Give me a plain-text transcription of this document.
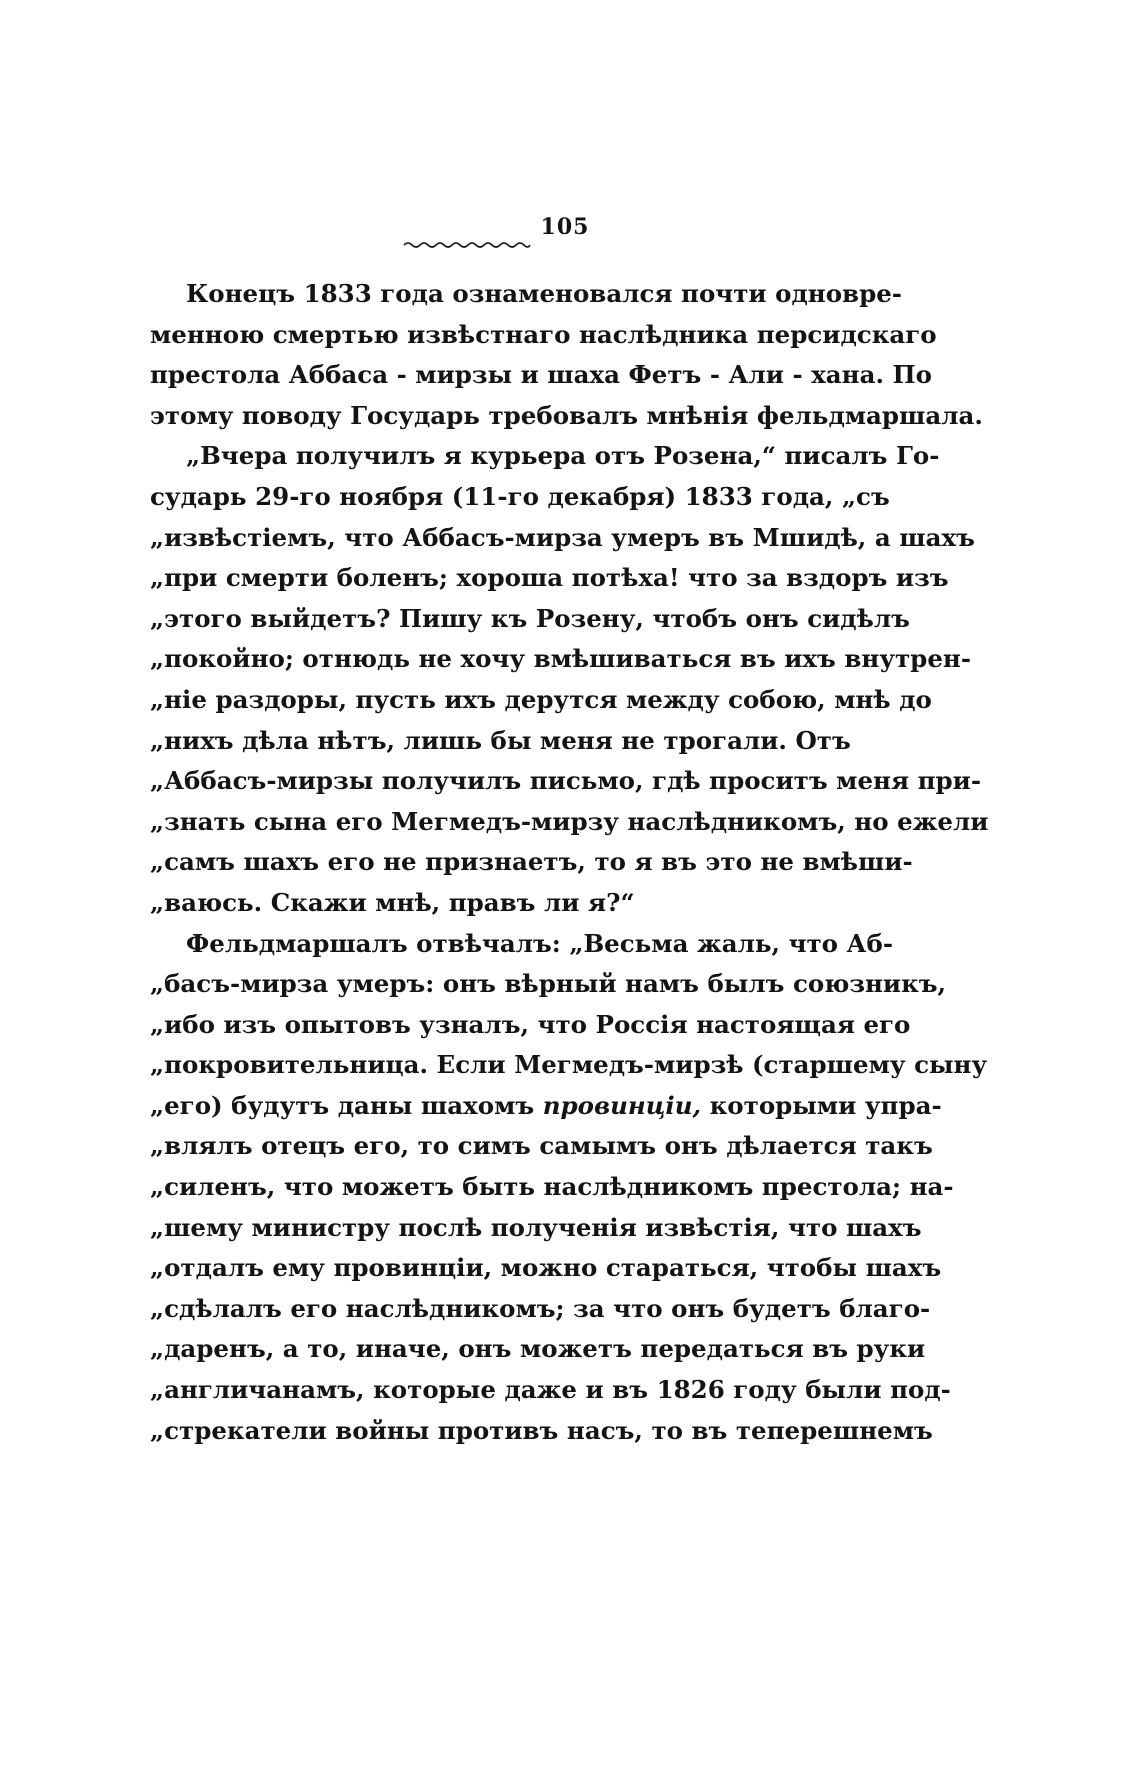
105
Конецъ 1833 года ознаменовался почти одновре-
менною смертью извѣстнаго наслѣдника персидскаго
престола Аббаса - мирзы и шаха Фетъ - Али - хана. По
этому поводу Государь требовалъ мнѣнія фельдмаршала.
„Вчера получилъ я курьера отъ Розена,“ писалъ Го-
сударь 29-го ноября (11-го декабря) 1833 года, „съ
„извѣстіемъ, что Аббасъ-мирза умеръ въ Мшидѣ, а шахъ
„при смерти боленъ; хороша потѣха! что за вздоръ изъ
„этого выйдетъ? Пишу къ Розену, чтобъ онъ сидѣлъ
„покойно; отнюдь не хочу вмѣшиваться въ ихъ внутрен-
„ніе раздоры, пусть ихъ дерутся между собою, мнѣ до
„нихъ дѣла нѣтъ, лишь бы меня не трогали. Отъ
„Аббасъ-мирзы получилъ письмо, гдѣ проситъ меня при-
„знать сына его Мегмедъ-мирзу наслѣдникомъ, но ежели
„самъ шахъ его не признаетъ, то я въ это не вмѣши-
„ваюсь. Скажи мнѣ, правъ ли я?“
Фельдмаршалъ отвѣчалъ: „Весьма жаль, что Аб-
„басъ-мирза умеръ: онъ вѣрный намъ былъ союзникъ,
„ибо изъ опытовъ узналъ, что Россія настоящая его
„покровительница. Если Мегмедъ-мирзѣ (старшему сыну
„его) будутъ даны шахомъ провинціи, которыми упра-
„влялъ отецъ его, то симъ самымъ онъ дѣлается такъ
„силенъ, что можетъ быть наслѣдникомъ престола; на-
„шему министру послѣ полученія извѣстія, что шахъ
„отдалъ ему провинціи, можно стараться, чтобы шахъ
„сдѣлалъ его наслѣдникомъ; за что онъ будетъ благо-
„даренъ, а то, иначе, онъ можетъ передаться въ руки
„англичанамъ, которые даже и въ 1826 году были под-
„стрекатели войны противъ насъ, то въ теперешнемъ
